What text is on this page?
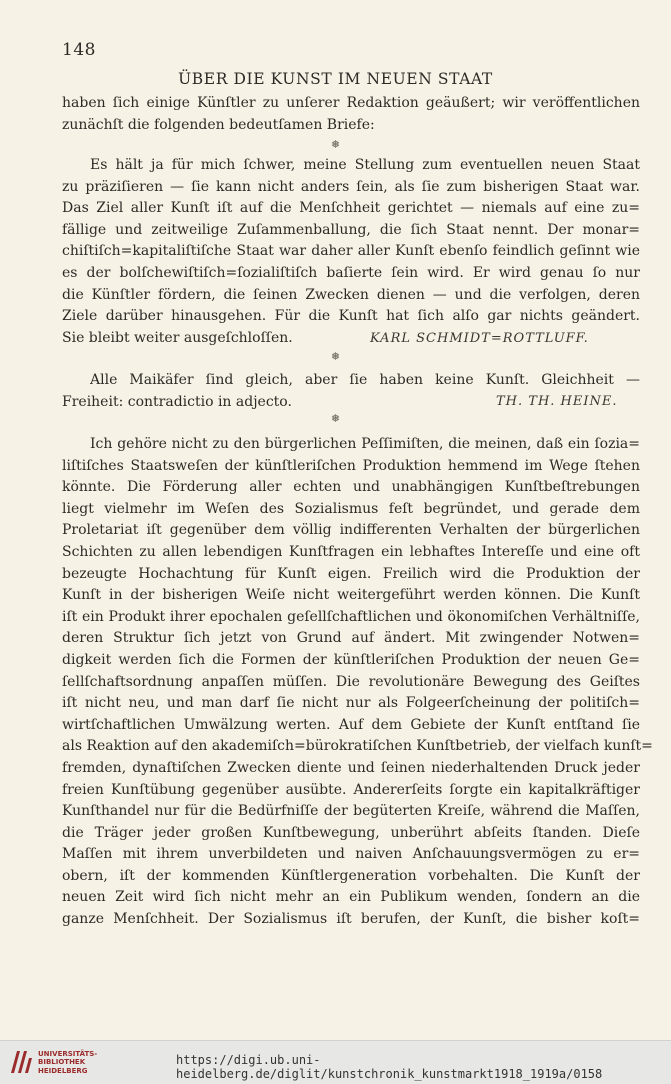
148
ÜBER DIE KUNST IM NEUEN STAAT
haben ſich einige Künſtler zu unſerer Redaktion geäußert; wir veröffentlichen
zunächſt die folgenden bedeutſamen Briefe:
❅
Es hält ja für mich ſchwer, meine Stellung zum eventuellen neuen Staat
zu präziſieren — ſie kann nicht anders ſein, als ſie zum bisherigen Staat war.
Das Ziel aller Kunſt iſt auf die Menſchheit gerichtet — niemals auf eine zu=
fällige und zeitweilige Zuſammenballung, die ſich Staat nennt. Der monar=
chiſtiſch=kapitaliſtiſche Staat war daher aller Kunſt ebenſo feindlich geſinnt wie
es der bolſchewiſtiſch=ſozialiſtiſch baſierte ſein wird. Er wird genau ſo nur
die Künſtler fördern, die ſeinen Zwecken dienen — und die verfolgen, deren
Ziele darüber hinausgehen. Für die Kunſt hat ſich alſo gar nichts geändert.
Sie bleibt weiter ausgeſchloſſen.	KARL SCHMIDT=ROTTLUFF.
❅
Alle Maikäfer ſind gleich, aber ſie haben keine Kunſt. Gleichheit —
Freiheit: contradictio in adjecto.	TH. TH. HEINE.
❅
Ich gehöre nicht zu den bürgerlichen Peſſimiſten, die meinen, daß ein ſozia=
liſtiſches Staatsweſen der künſtleriſchen Produktion hemmend im Wege ſtehen
könnte. Die Förderung aller echten und unabhängigen Kunſtbeſtrebungen
liegt vielmehr im Weſen des Sozialismus feſt begründet, und gerade dem
Proletariat iſt gegenüber dem völlig indifferenten Verhalten der bürgerlichen
Schichten zu allen lebendigen Kunſtfragen ein lebhaftes Intereſſe und eine oft
bezeugte Hochachtung für Kunſt eigen. Freilich wird die Produktion der
Kunſt in der bisherigen Weiſe nicht weitergeführt werden können. Die Kunſt
iſt ein Produkt ihrer epochalen geſellſchaftlichen und ökonomiſchen Verhältniſſe,
deren Struktur ſich jetzt von Grund auf ändert. Mit zwingender Notwen=
digkeit werden ſich die Formen der künſtleriſchen Produktion der neuen Ge=
ſellſchaftsordnung anpaſſen müſſen. Die revolutionäre Bewegung des Geiſtes
iſt nicht neu, und man darf ſie nicht nur als Folgeerſcheinung der politiſch=
wirtſchaftlichen Umwälzung werten. Auf dem Gebiete der Kunſt entſtand ſie
als Reaktion auf den akademiſch=bürokratiſchen Kunſtbetrieb, der vielfach kunſt=
fremden, dynaſtiſchen Zwecken diente und ſeinen niederhaltenden Druck jeder
freien Kunſtübung gegenüber ausübte. Andererſeits ſorgte ein kapitalkräftiger
Kunſthandel nur für die Bedürfniſſe der begüterten Kreiſe, während die Maſſen,
die Träger jeder großen Kunſtbewegung, unberührt abſeits ſtanden. Dieſe
Maſſen mit ihrem unverbildeten und naiven Anſchauungsvermögen zu er=
obern, iſt der kommenden Künſtlergeneration vorbehalten. Die Kunſt der
neuen Zeit wird ſich nicht mehr an ein Publikum wenden, ſondern an die
ganze Menſchheit. Der Sozialismus iſt berufen, der Kunſt, die bisher koſt=
UNIVERSITÄTS-
BIBLIOTHEK
HEIDELBERG
https://digi.ub.uni-heidelberg.de/diglit/kunstchronik_kunstmarkt1918_1919a/0158
